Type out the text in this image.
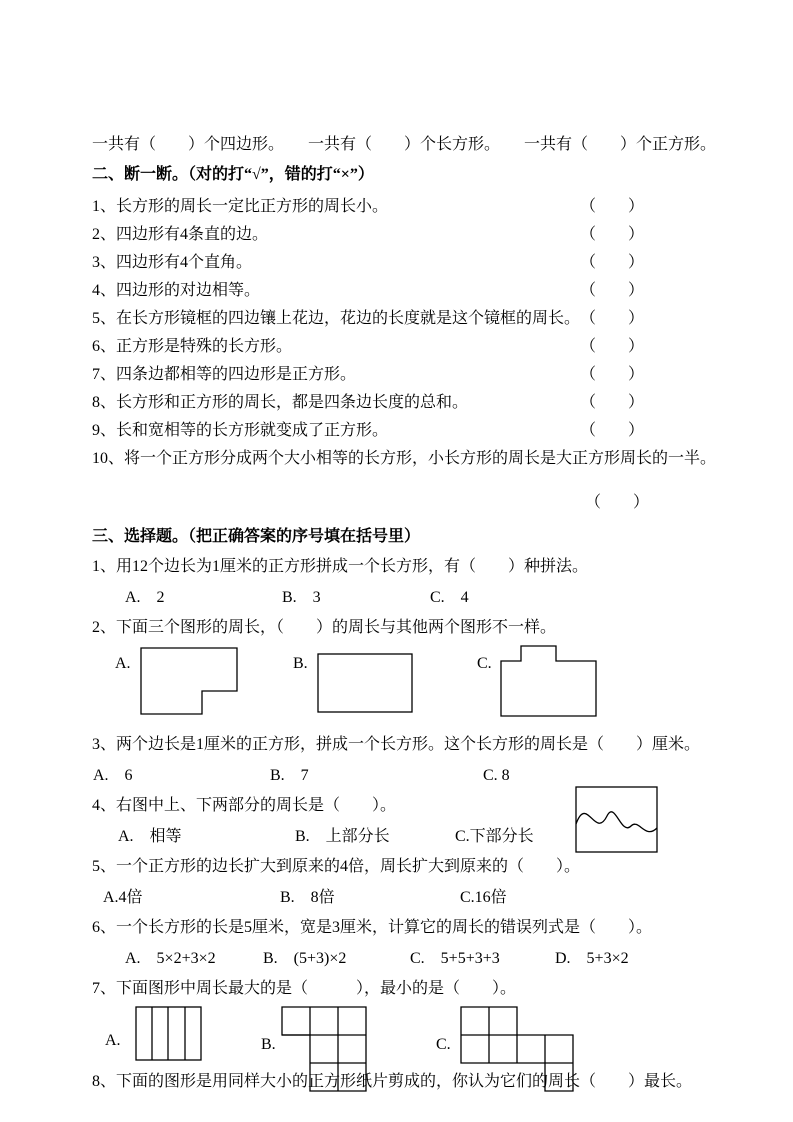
一共有（　　）个四边形。　　一共有（　　）个长方形。　　一共有（　　）个正方形。

二、断一断。（对的打“√”，错的打“×”）
1、长方形的周长一定比正方形的周长小。	（　　）
2、四边形有4条直的边。	（　　）
3、四边形有4个直角。	（　　）
4、四边形的对边相等。	（　　）
5、在长方形镜框的四边镶上花边，花边的长度就是这个镜框的周长。 （　　）
6、正方形是特殊的长方形。	（　　）
7、四条边都相等的四边形是正方形。	（　　）
8、长方形和正方形的周长，都是四条边长度的总和。	（　　）
9、长和宽相等的长方形就变成了正方形。	（　　）

10、将一个正方形分成两个大小相等的长方形，小长方形的周长是大正方形周长的一半。

（　　）

三、选择题。（把正确答案的序号填在括号里）

1、用12个边长为1厘米的正方形拼成一个长方形，有（　　）种拼法。

A.　2	B.　3	C.　4

2、下面三个图形的周长，（　　）的周长与其他两个图形不一样。

A.	B.	C.

3、两个边长是1厘米的正方形，拼成一个长方形。这个长方形的周长是（　　）厘米。

A.　6	B.　7	C. 8

4、右图中上、下两部分的周长是（　　）。

A.　相等	B.　上部分长	C.下部分长

5、一个正方形的边长扩大到原来的4倍，周长扩大到原来的（　　）。

A.4倍	B.　8倍	C.16倍

6、一个长方形的长是5厘米，宽是3厘米，计算它的周长的错误列式是（　　）。

A.　5×2+3×2	B.　(5+3)×2	C.　5+5+3+3	D.　5+3×2

7、下面图形中周长最大的是（　　　），最小的是（　　）。

A.	B.	C.

8、下面的图形是用同样大小的正方形纸片剪成的，你认为它们的周长（　　）最长。
